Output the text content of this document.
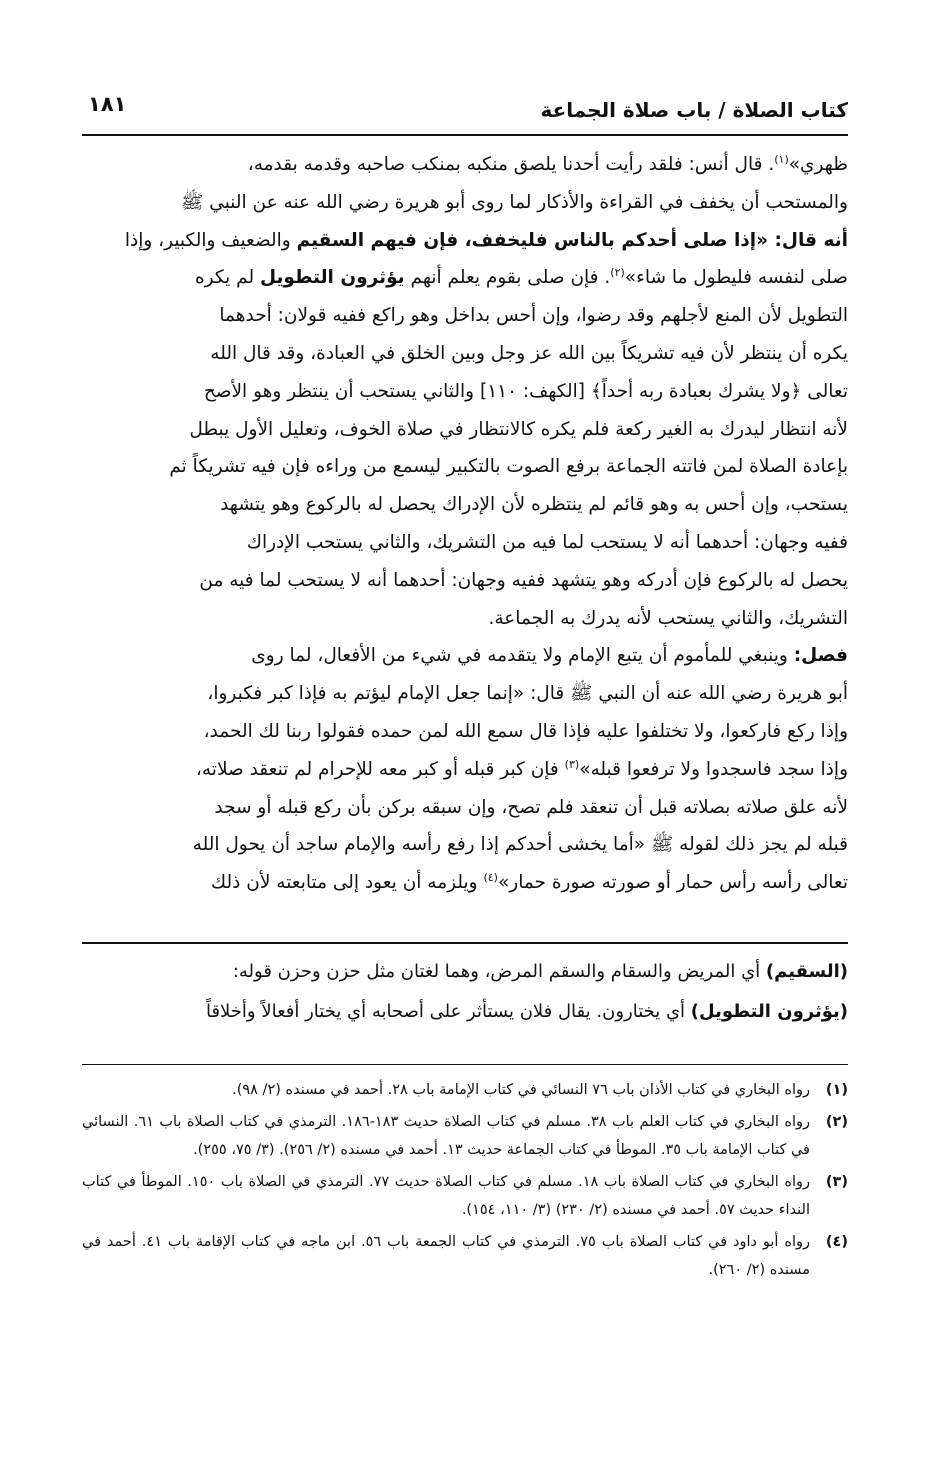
كتاب الصلاة / باب صلاة الجماعة
١٨١

ظهري»$^{(١)}$. قال أنس: فلقد رأيت أحدنا يلصق منكبه بمنكب صاحبه وقدمه بقدمه،

والمستحب أن يخفف في القراءة والأذكار لما روى أبو هريرة رضي الله عنه عن النبي ﷺ

أنه قال: «إذا صلى أحدكم بالناس فليخفف، فإن فيهم السقيم والضعيف والكبير، وإذا

صلى لنفسه فليطول ما شاء»$^{(٢)}$. فإن صلى بقوم يعلم أنهم يؤثرون التطويل لم يكره

التطويل لأن المنع لأجلهم وقد رضوا، وإن أحس بداخل وهو راكع ففيه قولان: أحدهما

يكره أن ينتظر لأن فيه تشريكاً بين الله عز وجل وبين الخلق في العبادة، وقد قال الله

تعالى ﴿ولا يشرك بعبادة ربه أحداً﴾ [الكهف: ١١٠] والثاني يستحب أن ينتظر وهو الأصح

لأنه انتظار ليدرك به الغير ركعة فلم يكره كالانتظار في صلاة الخوف، وتعليل الأول يبطل

بإعادة الصلاة لمن فاتته الجماعة برفع الصوت بالتكبير ليسمع من وراءه فإن فيه تشريكاً ثم

يستحب، وإن أحس به وهو قائم لم ينتظره لأن الإدراك يحصل له بالركوع وهو يتشهد

ففيه وجهان: أحدهما أنه لا يستحب لما فيه من التشريك، والثاني يستحب الإدراك

يحصل له بالركوع فإن أدركه وهو يتشهد ففيه وجهان: أحدهما أنه لا يستحب لما فيه من

التشريك، والثاني يستحب لأنه يدرك به الجماعة.

فصل: وينبغي للمأموم أن يتبع الإمام ولا يتقدمه في شيء من الأفعال، لما روى

أبو هريرة رضي الله عنه أن النبي ﷺ قال: «إنما جعل الإمام ليؤتم به فإذا كبر فكبروا،

وإذا ركع فاركعوا، ولا تختلفوا عليه فإذا قال سمع الله لمن حمده فقولوا ربنا لك الحمد،

وإذا سجد فاسجدوا ولا ترفعوا قبله»$^{(٣)}$ فإن كبر قبله أو كبر معه للإحرام لم تنعقد صلاته،

لأنه علق صلاته بصلاته قبل أن تنعقد فلم تصح، وإن سبقه بركن بأن ركع قبله أو سجد

قبله لم يجز ذلك لقوله ﷺ «أما يخشى أحدكم إذا رفع رأسه والإمام ساجد أن يحول الله

تعالى رأسه رأس حمار أو صورته صورة حمار»$^{(٤)}$ ويلزمه أن يعود إلى متابعته لأن ذلك

(السقيم) أي المريض والسقام والسقم المرض، وهما لغتان مثل حزن وحزن قوله:

(يؤثرون التطويل) أي يختارون. يقال فلان يستأثر على أصحابه أي يختار أفعالاً وأخلاقاً

(١)
رواه البخاري في كتاب الأذان باب ٧٦ النسائي في كتاب الإمامة باب ٢٨. أحمد في مسنده (٢/ ٩٨).
(٢)
رواه البخاري في كتاب العلم باب ٣٨. مسلم في كتاب الصلاة حديث ١٨٣-١٨٦. الترمذي في كتاب الصلاة باب ٦١. النسائي في كتاب الإمامة باب ٣٥. الموطأ في كتاب الجماعة حديث ١٣. أحمد في مسنده (٢/ ٢٥٦). (٣/ ٧٥، ٢٥٥).
(٣)
رواه البخاري في كتاب الصلاة باب ١٨. مسلم في كتاب الصلاة حديث ٧٧. الترمذي في الصلاة باب ١٥٠. الموطأ في كتاب النداء حديث ٥٧. أحمد في مسنده (٢/ ٢٣٠) (٣/ ١١٠، ١٥٤).
(٤)
رواه أبو داود في كتاب الصلاة باب ٧٥. الترمذي في كتاب الجمعة باب ٥٦. ابن ماجه في كتاب الإقامة باب ٤١. أحمد في مسنده (٢/ ٢٦٠).
